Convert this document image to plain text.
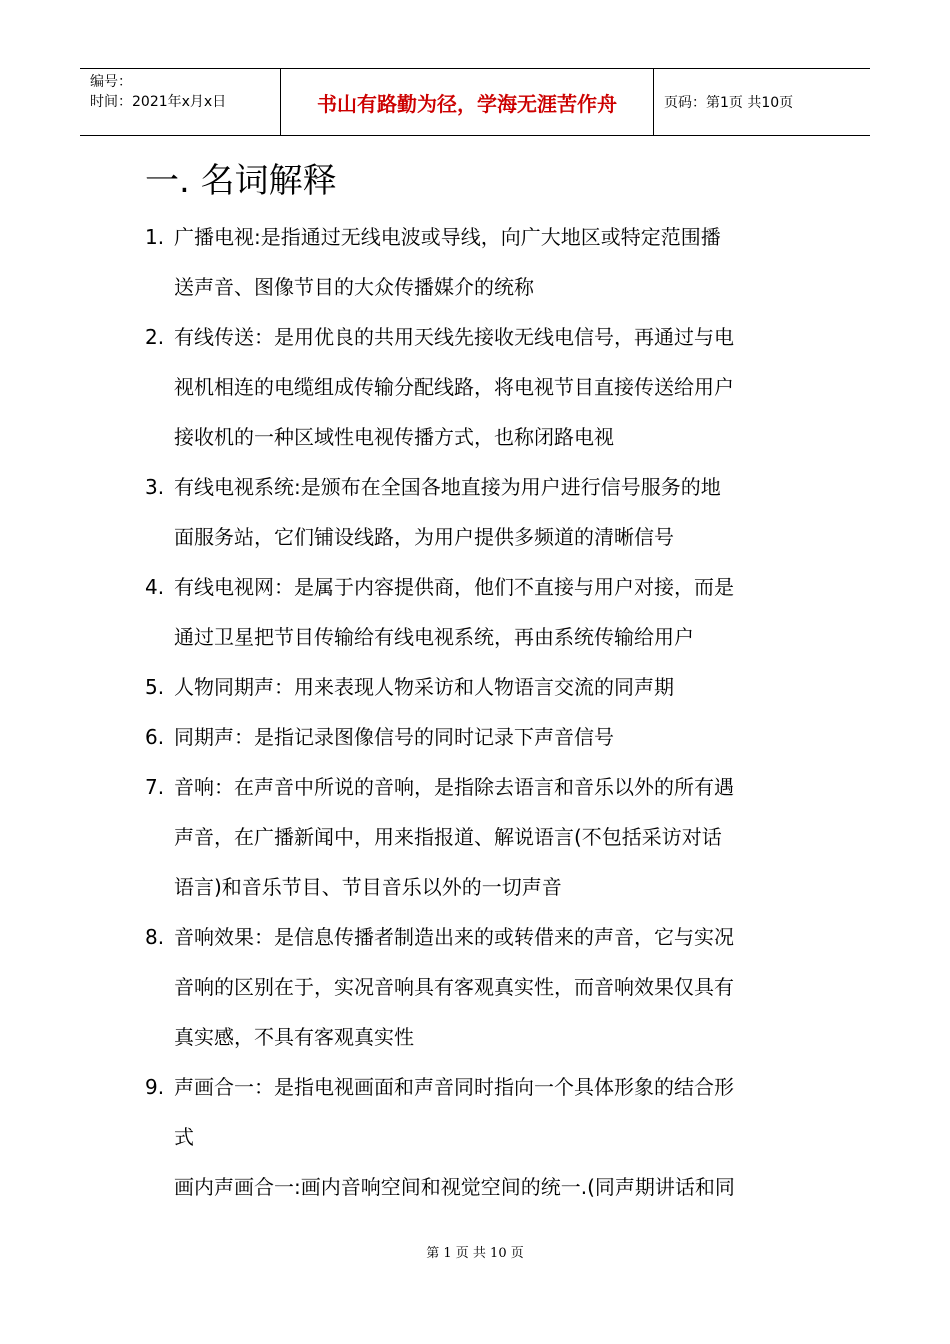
编号：
时间：2021年x月x日	书山有路勤为径，学海无涯苦作舟	页码：第1页 共10页
一. 名词解释
1. 广播电视:是指通过无线电波或导线，向广大地区或特定范围播
送声音、图像节目的大众传播媒介的统称
2. 有线传送：是用优良的共用天线先接收无线电信号，再通过与电
视机相连的电缆组成传输分配线路，将电视节目直接传送给用户
接收机的一种区域性电视传播方式，也称闭路电视
3. 有线电视系统:是颁布在全国各地直接为用户进行信号服务的地
面服务站，它们铺设线路，为用户提供多频道的清晰信号
4. 有线电视网：是属于内容提供商，他们不直接与用户对接，而是
通过卫星把节目传输给有线电视系统，再由系统传输给用户
5. 人物同期声：用来表现人物采访和人物语言交流的同声期
6. 同期声：是指记录图像信号的同时记录下声音信号
7. 音响：在声音中所说的音响，是指除去语言和音乐以外的所有遇
声音，在广播新闻中，用来指报道、解说语言(不包括采访对话
语言)和音乐节目、节目音乐以外的一切声音
8. 音响效果：是信息传播者制造出来的或转借来的声音，它与实况
音响的区别在于，实况音响具有客观真实性，而音响效果仅具有
真实感，不具有客观真实性
9. 声画合一：是指电视画面和声音同时指向一个具体形象的结合形
式
画内声画合一:画内音响空间和视觉空间的统一.(同声期讲话和同
第 1 页 共 10 页
